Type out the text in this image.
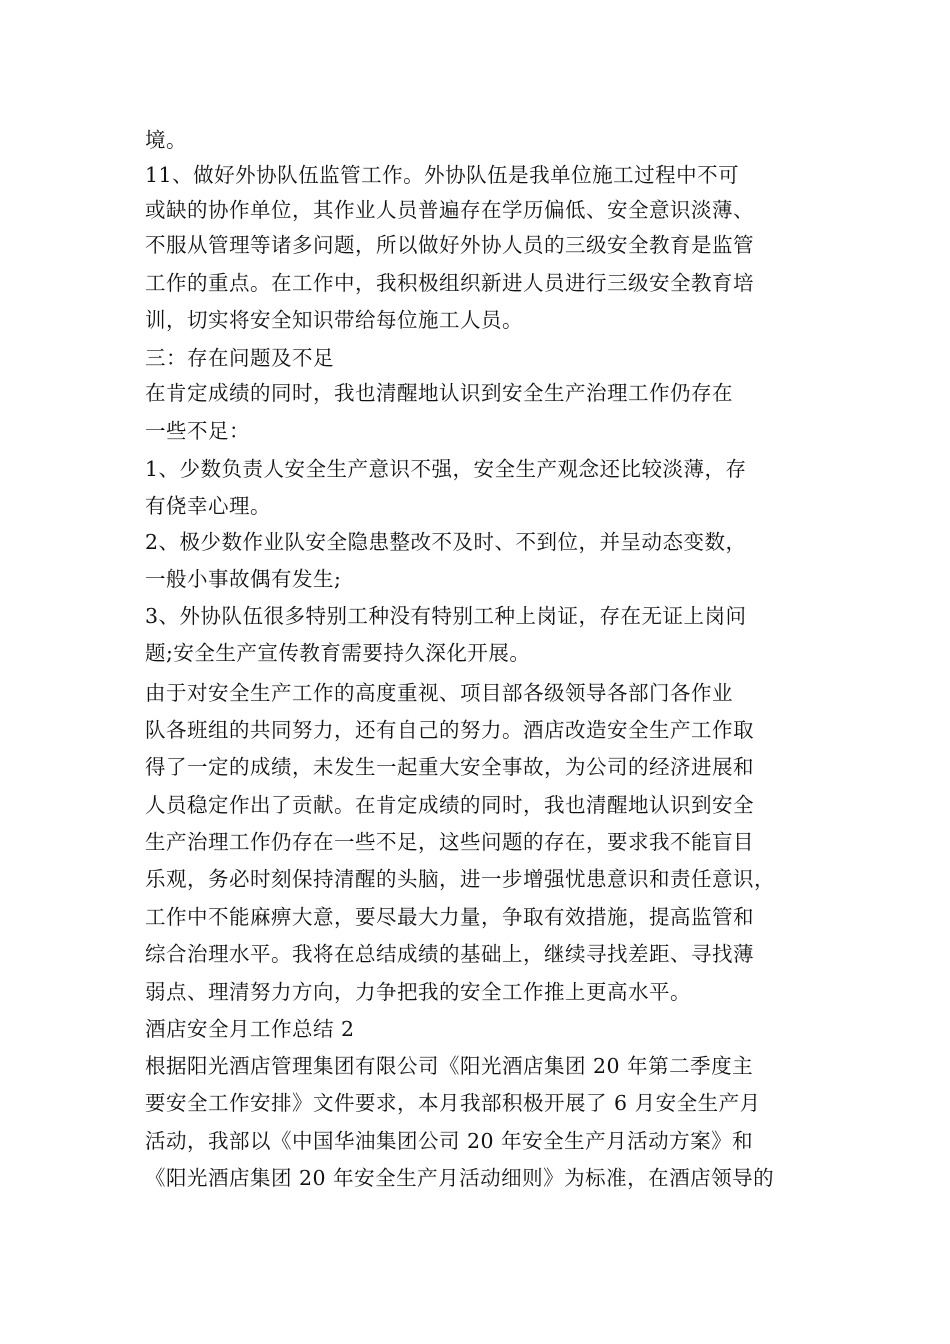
境。
11、做好外协队伍监管工作。外协队伍是我单位施工过程中不可
或缺的协作单位，其作业人员普遍存在学历偏低、安全意识淡薄、
不服从管理等诸多问题，所以做好外协人员的三级安全教育是监管
工作的重点。在工作中，我积极组织新进人员进行三级安全教育培
训，切实将安全知识带给每位施工人员。
三：存在问题及不足
在肯定成绩的同时，我也清醒地认识到安全生产治理工作仍存在
一些不足：
1、少数负责人安全生产意识不强，安全生产观念还比较淡薄，存
有侥幸心理。
2、极少数作业队安全隐患整改不及时、不到位，并呈动态变数，
一般小事故偶有发生;
3、外协队伍很多特别工种没有特别工种上岗证，存在无证上岗问
题;安全生产宣传教育需要持久深化开展。
由于对安全生产工作的高度重视、项目部各级领导各部门各作业
队各班组的共同努力，还有自己的努力。酒店改造安全生产工作取
得了一定的成绩，未发生一起重大安全事故，为公司的经济进展和
人员稳定作出了贡献。在肯定成绩的同时，我也清醒地认识到安全
生产治理工作仍存在一些不足，这些问题的存在，要求我不能盲目
乐观，务必时刻保持清醒的头脑，进一步增强忧患意识和责任意识，
工作中不能麻痹大意，要尽最大力量，争取有效措施，提高监管和
综合治理水平。我将在总结成绩的基础上，继续寻找差距、寻找薄
弱点、理清努力方向，力争把我的安全工作推上更高水平。
酒店安全月工作总结 2
根据阳光酒店管理集团有限公司《阳光酒店集团 20 年第二季度主
要安全工作安排》文件要求，本月我部积极开展了 6 月安全生产月
活动，我部以《中国华油集团公司 20 年安全生产月活动方案》和
《阳光酒店集团 20 年安全生产月活动细则》为标准，在酒店领导的
